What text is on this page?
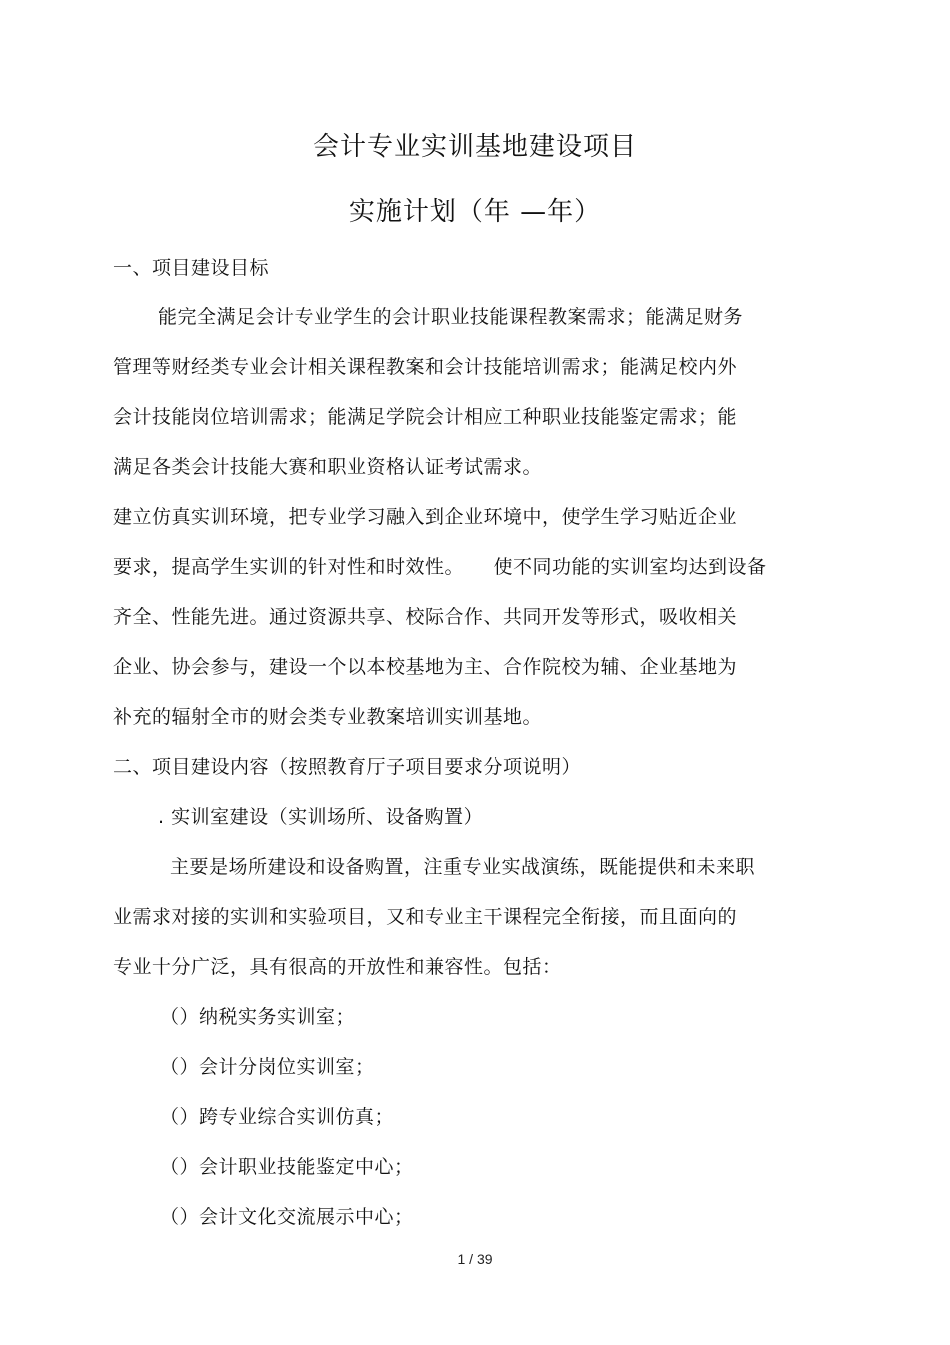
会计专业实训基地建设项目
实施计划（年 —年）
一、项目建设目标
能完全满足会计专业学生的会计职业技能课程教案需求；能满足财务
管理等财经类专业会计相关课程教案和会计技能培训需求；能满足校内外
会计技能岗位培训需求；能满足学院会计相应工种职业技能鉴定需求；能
满足各类会计技能大赛和职业资格认证考试需求。
建立仿真实训环境，把专业学习融入到企业环境中，使学生学习贴近企业
要求，提高学生实训的针对性和时效性。　　使不同功能的实训室均达到设备
齐全、性能先进。通过资源共享、校际合作、共同开发等形式，吸收相关
企业、协会参与，建设一个以本校基地为主、合作院校为辅、企业基地为
补充的辐射全市的财会类专业教案培训实训基地。
二、项目建设内容（按照教育厅子项目要求分项说明）
. 实训室建设（实训场所、设备购置）
主要是场所建设和设备购置，注重专业实战演练，既能提供和未来职
业需求对接的实训和实验项目，又和专业主干课程完全衔接，而且面向的
专业十分广泛，具有很高的开放性和兼容性。包括：
（）纳税实务实训室；
（）会计分岗位实训室；
（）跨专业综合实训仿真；
（）会计职业技能鉴定中心；
（）会计文化交流展示中心；
1 / 39
